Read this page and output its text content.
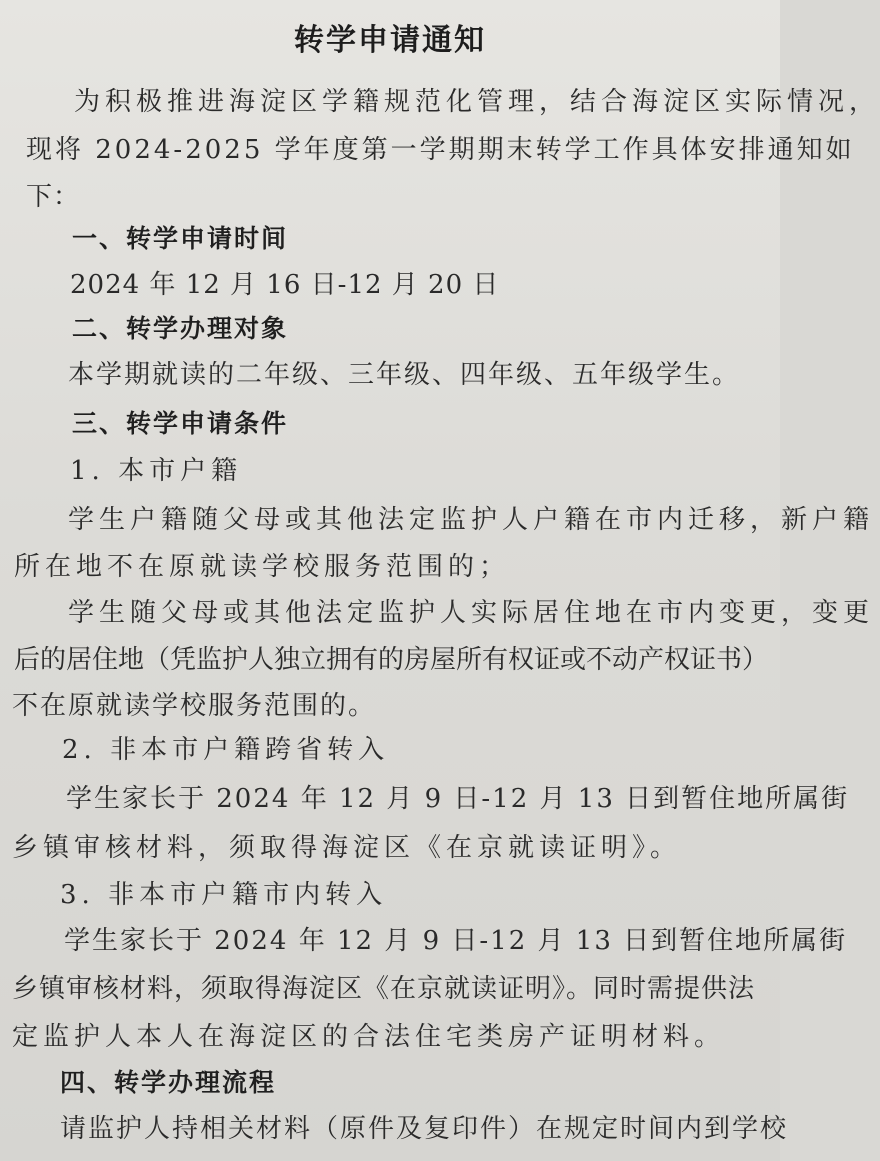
转学申请通知
为积极推进海淀区学籍规范化管理，结合海淀区实际情况，
现将 2024-2025 学年度第一学期期末转学工作具体安排通知如
下：
一、转学申请时间
2024 年 12 月 16 日-12 月 20 日
二、转学办理对象
本学期就读的二年级、三年级、四年级、五年级学生。
三、转学申请条件
1. 本市户籍
学生户籍随父母或其他法定监护人户籍在市内迁移，新户籍
所在地不在原就读学校服务范围的；
学生随父母或其他法定监护人实际居住地在市内变更，变更
后的居住地（凭监护人独立拥有的房屋所有权证或不动产权证书）
不在原就读学校服务范围的。
2. 非本市户籍跨省转入
学生家长于 2024 年 12 月 9 日-12 月 13 日到暂住地所属街
乡镇审核材料，须取得海淀区《在京就读证明》。
3. 非本市户籍市内转入
学生家长于 2024 年 12 月 9 日-12 月 13 日到暂住地所属街
乡镇审核材料，须取得海淀区《在京就读证明》。同时需提供法
定监护人本人在海淀区的合法住宅类房产证明材料。
四、转学办理流程
请监护人持相关材料（原件及复印件）在规定时间内到学校
